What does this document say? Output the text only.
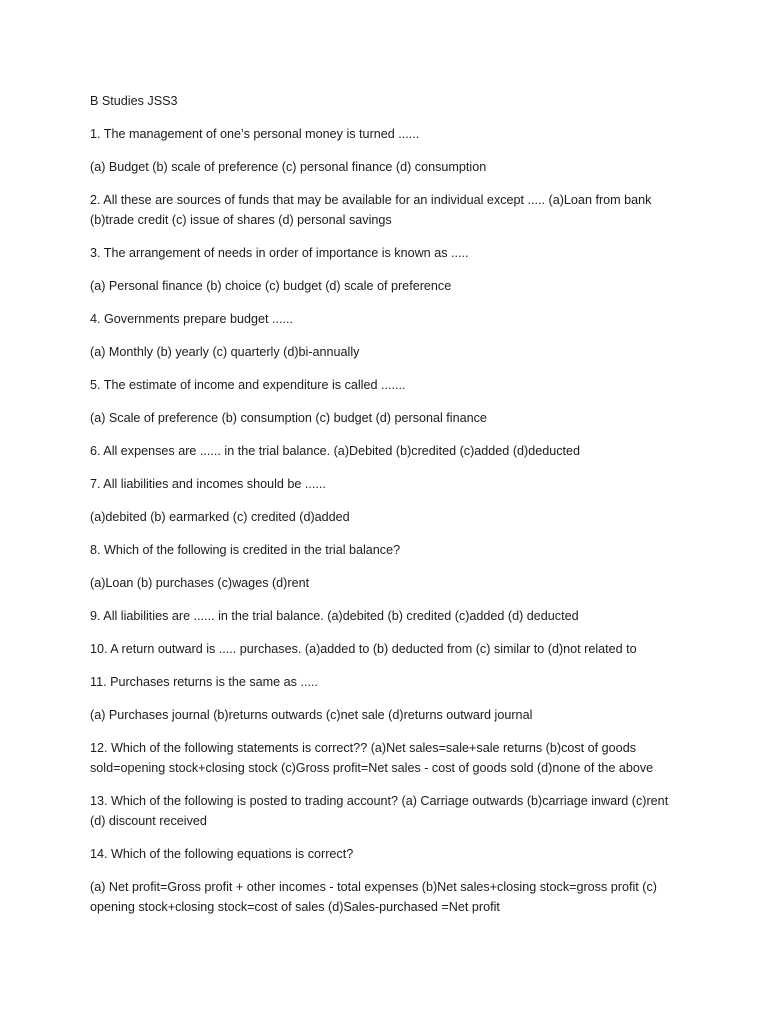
B Studies JSS3

1. The management of one’s personal money is turned ......

(a) Budget (b) scale of preference (c) personal finance (d) consumption

2. All these are sources of funds that may be available for an individual except ..... (a)Loan from bank (b)trade credit (c) issue of shares (d) personal savings

3. The arrangement of needs in order of importance is known as .....

(a) Personal finance (b) choice (c) budget (d) scale of preference

4. Governments prepare budget ......

(a) Monthly (b) yearly (c) quarterly (d)bi-annually

5. The estimate of income and expenditure is called .......

(a) Scale of preference (b) consumption (c) budget (d) personal finance

6. All expenses are ...... in the trial balance. (a)Debited (b)credited (c)added (d)deducted

7. All liabilities and incomes should be ......

(a)debited (b) earmarked (c) credited (d)added

8. Which of the following is credited in the trial balance?

(a)Loan (b) purchases (c)wages (d)rent

9. All liabilities are ...... in the trial balance. (a)debited (b) credited (c)added (d) deducted

10. A return outward is ..... purchases. (a)added to (b) deducted from (c) similar to (d)not related to

11. Purchases returns is the same as .....

(a) Purchases journal (b)returns outwards (c)net sale (d)returns outward journal

12. Which of the following statements is correct?? (a)Net sales=sale+sale returns (b)cost of goods sold=opening stock+closing stock (c)Gross profit=Net sales - cost of goods sold (d)none of the above

13. Which of the following is posted to trading account? (a) Carriage outwards (b)carriage inward (c)rent (d) discount received

14. Which of the following equations is correct?

(a) Net profit=Gross profit + other incomes - total expenses (b)Net sales+closing stock=gross profit (c) opening stock+closing stock=cost of sales (d)Sales-purchased =Net profit
